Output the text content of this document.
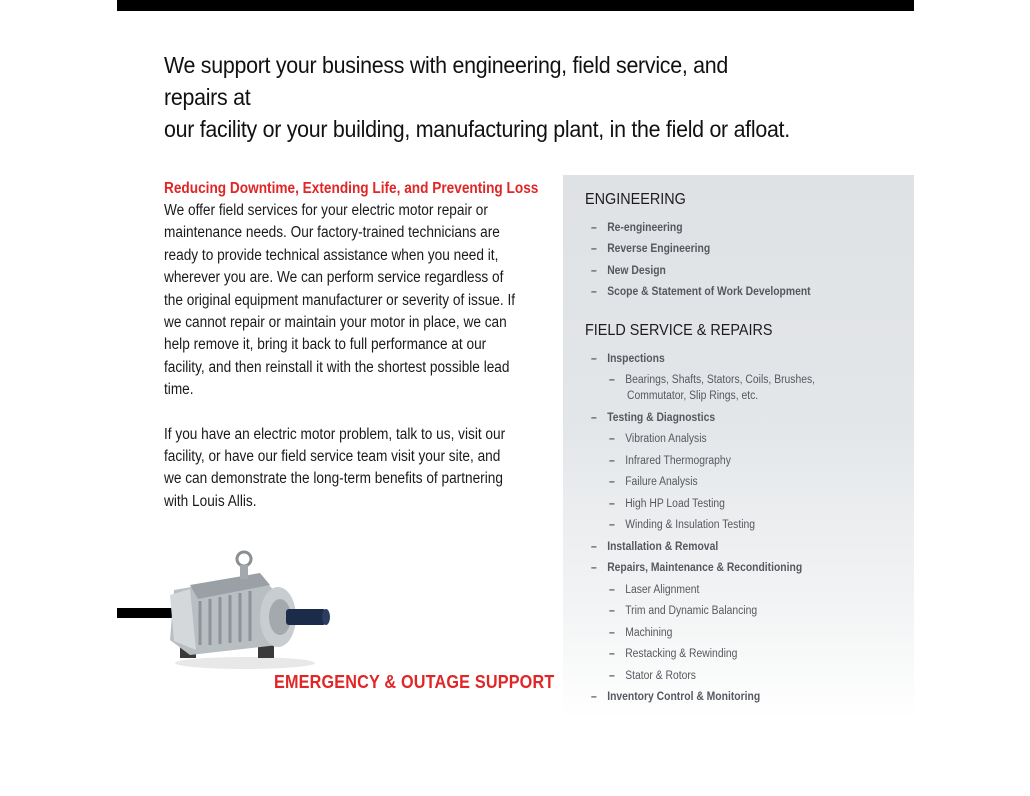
We support your business with engineering, field service, and repairs at
our facility or your building, manufacturing plant, in the field or afloat.
Reducing Downtime, Extending Life, and Preventing Loss

We offer field services for your electric motor repair or maintenance needs. Our factory-trained technicians are ready to provide technical assistance when you need it, wherever you are. We can perform service regardless of the original equipment manufacturer or severity of issue. If we cannot repair or maintain your motor in place, we can help remove it, bring it back to full performance at our facility, and then reinstall it with the shortest possible lead time.

If you have an electric motor problem, talk to us, visit our facility, or have our field service team visit your site, and we can demonstrate the long-term benefits of partnering with Louis Allis.

EMERGENCY & OUTAGE SUPPORT
ENGINEERING
– Re-engineering
– Reverse Engineering
– New Design
– Scope & Statement of Work Development
FIELD SERVICE & REPAIRS
– Inspections
– Bearings, Shafts, Stators, Coils, Brushes,
Commutator, Slip Rings, etc.
– Testing & Diagnostics
– Vibration Analysis
– Infrared Thermography
– Failure Analysis
– High HP Load Testing
– Winding & Insulation Testing
– Installation & Removal
– Repairs, Maintenance & Reconditioning
– Laser Alignment
– Trim and Dynamic Balancing
– Machining
– Restacking & Rewinding
– Stator & Rotors
– Inventory Control & Monitoring
